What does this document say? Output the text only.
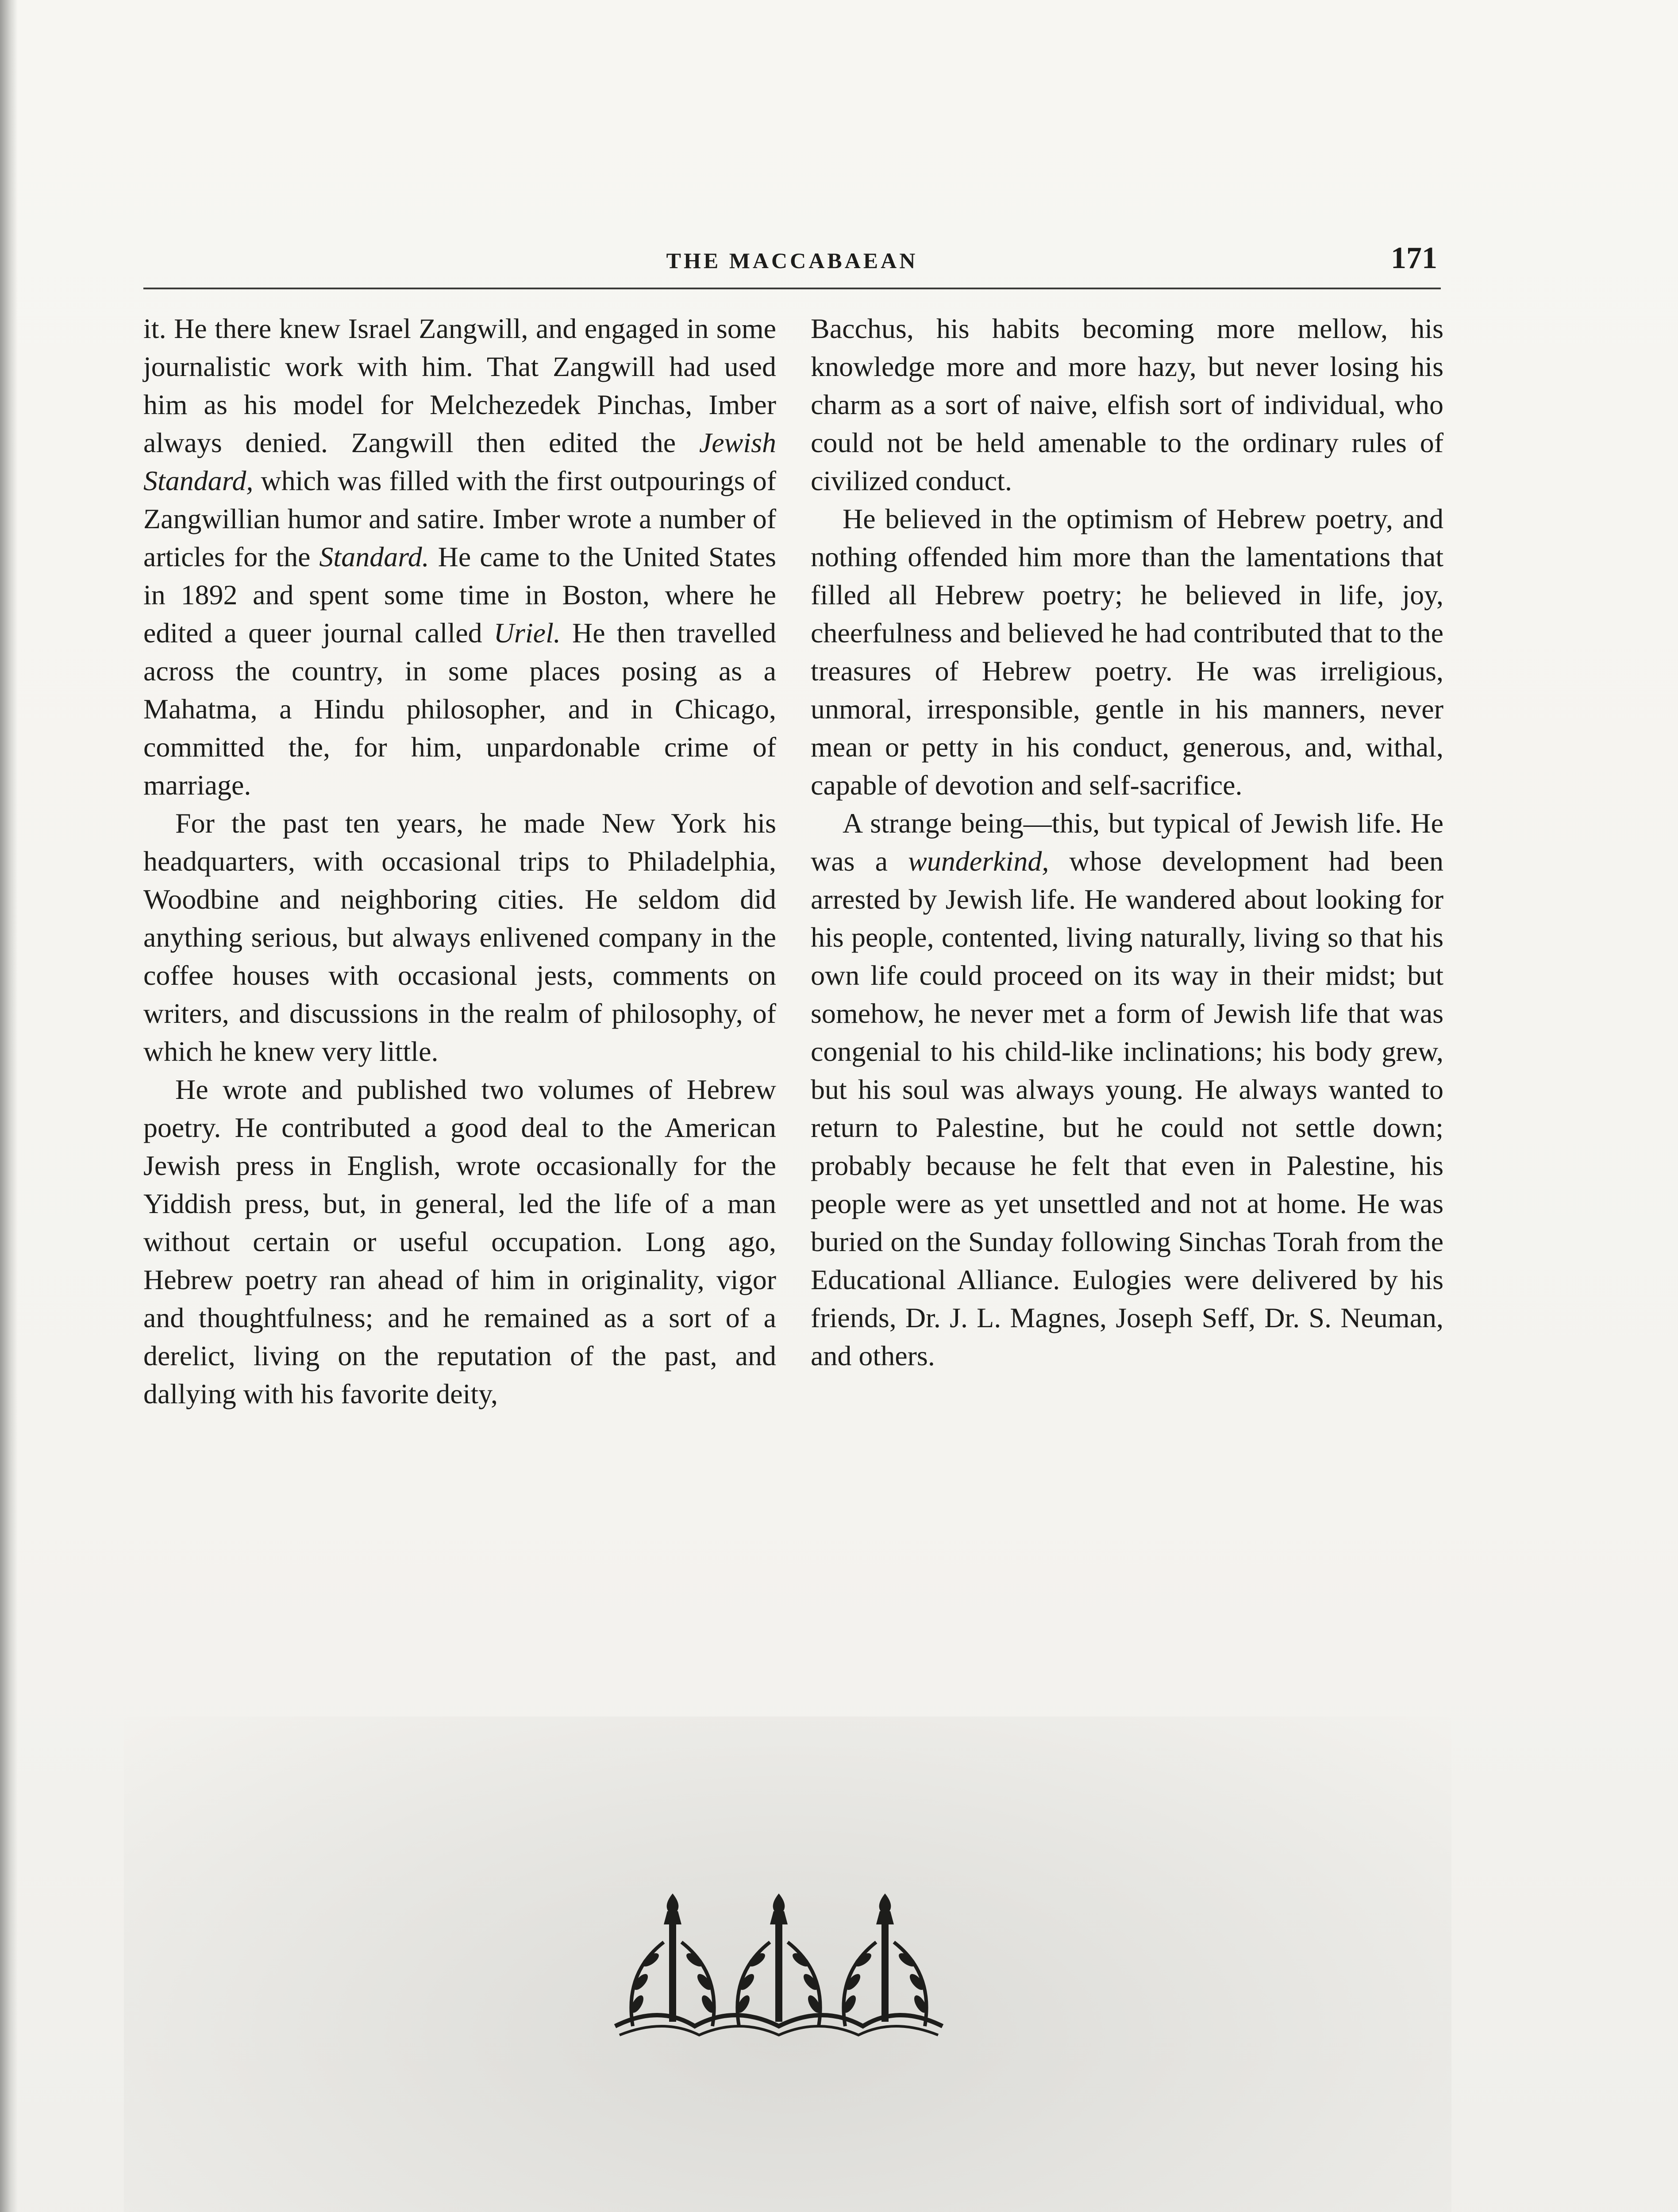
THE MACCABAEAN	171

it. He there knew Israel Zangwill, and engaged in some journalistic work with him. That Zangwill had used him as his model for Melchezedek Pinchas, Imber always denied. Zangwill then edited the Jewish Standard, which was filled with the first outpourings of Zangwillian humor and satire. Imber wrote a number of articles for the Standard. He came to the United States in 1892 and spent some time in Boston, where he edited a queer journal called Uriel. He then travelled across the country, in some places posing as a Mahatma, a Hindu philosopher, and in Chicago, committed the, for him, unpardonable crime of marriage.

For the past ten years, he made New York his headquarters, with occasional trips to Philadelphia, Woodbine and neighboring cities. He seldom did anything serious, but always enlivened company in the coffee houses with occasional jests, comments on writers, and discussions in the realm of philosophy, of which he knew very little.

He wrote and published two volumes of Hebrew poetry. He contributed a good deal to the American Jewish press in English, wrote occasionally for the Yiddish press, but, in general, led the life of a man without certain or useful occupation. Long ago, Hebrew poetry ran ahead of him in originality, vigor and thoughtfulness; and he remained as a sort of a derelict, living on the reputation of the past, and dallying with his favorite deity,

Bacchus, his habits becoming more mellow, his knowledge more and more hazy, but never losing his charm as a sort of naive, elfish sort of individual, who could not be held amenable to the ordinary rules of civilized conduct.

He believed in the optimism of Hebrew poetry, and nothing offended him more than the lamentations that filled all Hebrew poetry; he believed in life, joy, cheerfulness and believed he had contributed that to the treasures of Hebrew poetry. He was irreligious, unmoral, irresponsible, gentle in his manners, never mean or petty in his conduct, generous, and, withal, capable of devotion and self-sacrifice.

A strange being—this, but typical of Jewish life. He was a wunderkind, whose development had been arrested by Jewish life. He wandered about looking for his people, contented, living naturally, living so that his own life could proceed on its way in their midst; but somehow, he never met a form of Jewish life that was congenial to his child-like inclinations; his body grew, but his soul was always young. He always wanted to return to Palestine, but he could not settle down; probably because he felt that even in Palestine, his people were as yet unsettled and not at home. He was buried on the Sunday following Sinchas Torah from the Educational Alliance. Eulogies were delivered by his friends, Dr. J. L. Magnes, Joseph Seff, Dr. S. Neuman, and others.
